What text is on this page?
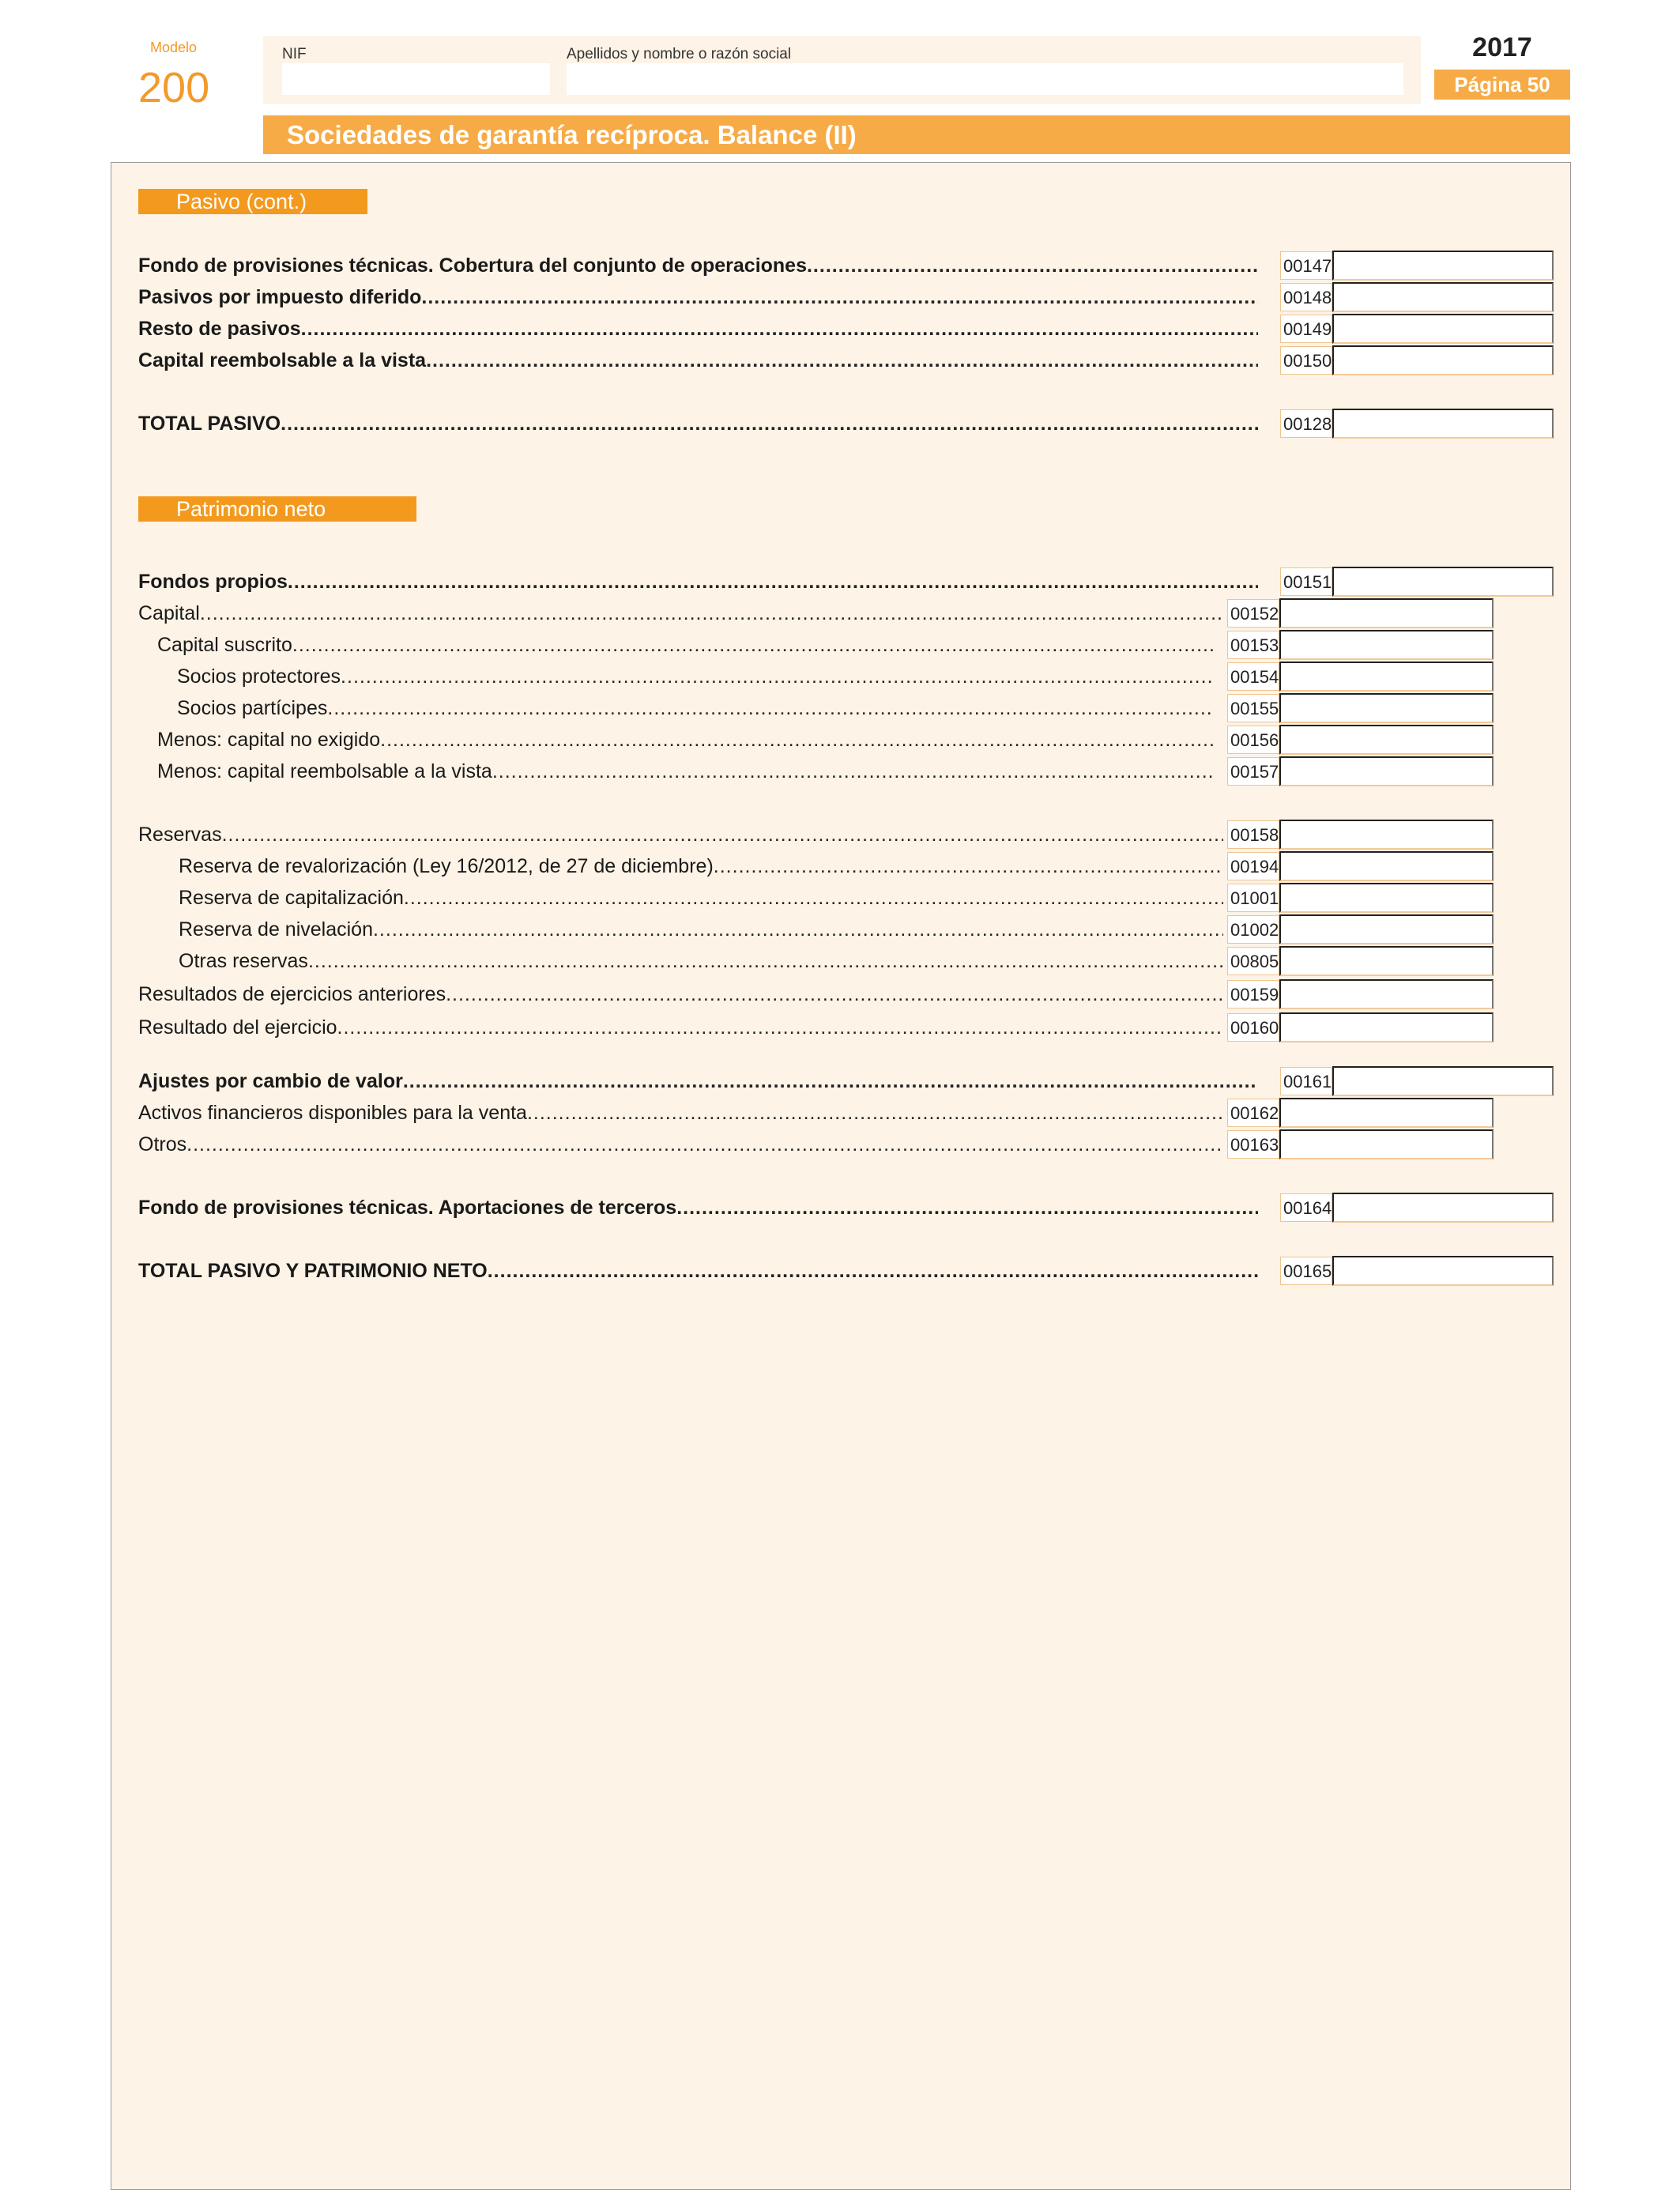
Modelo
200
NIF	Apellidos y nombre o razón social	2017
Página 50
Sociedades de garantía recíproca. Balance (II)
Pasivo (cont.)
Patrimonio neto
Fondo de provisiones técnicas. Cobertura del conjunto de operaciones .....	00147
Pasivos por impuesto diferido .....	00148
Resto de pasivos .....	00149
Capital reembolsable a la vista .....	00150
TOTAL PASIVO .....	00128
Fondos propios .....	00151
Capital .....	00152
Capital suscrito .....	00153
Socios protectores .....	00154
Socios partícipes .....	00155
Menos: capital no exigido .....	00156
Menos: capital reembolsable a la vista .....	00157
Reservas .....	00158
Reserva de revalorización (Ley 16/2012, de 27 de diciembre) .....	00194
Reserva de capitalización .....	01001
Reserva de nivelación .....	01002
Otras reservas .....	00805
Resultados de ejercicios anteriores .....	00159
Resultado del ejercicio .....	00160
Ajustes por cambio de valor .....	00161
Activos financieros disponibles para la venta .....	00162
Otros .....	00163
Fondo de provisiones técnicas. Aportaciones de terceros .....	00164
TOTAL PASIVO Y PATRIMONIO NETO .....	00165
